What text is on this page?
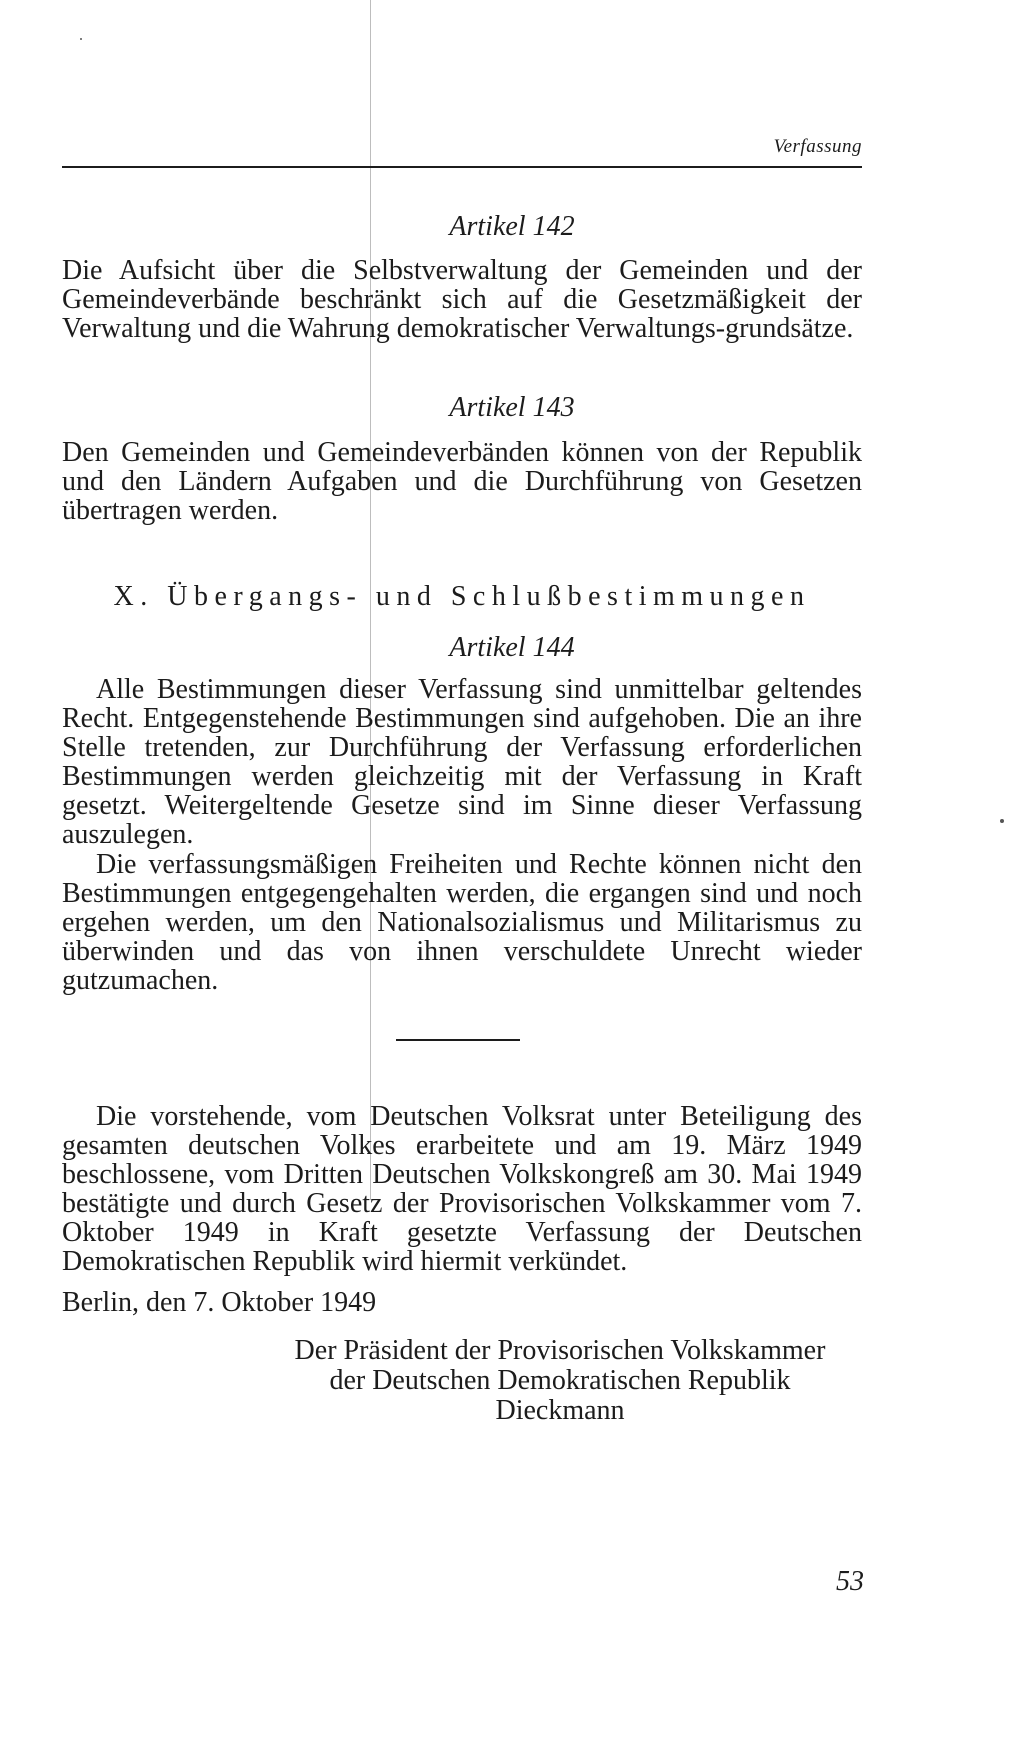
Verfassung
Artikel 142
Die Aufsicht über die Selbstverwaltung der Gemeinden und der Gemeindeverbände beschränkt sich auf die Gesetzmäßigkeit der Verwaltung und die Wahrung demokratischer Verwaltungs-grundsätze.
Artikel 143
Den Gemeinden und Gemeindeverbänden können von der Republik und den Ländern Aufgaben und die Durchführung von Gesetzen übertragen werden.
X. Übergangs- und Schlußbestimmungen
Artikel 144
Alle Bestimmungen dieser Verfassung sind unmittelbar geltendes Recht. Entgegenstehende Bestimmungen sind aufgehoben. Die an ihre Stelle tretenden, zur Durchführung der Verfassung erforderlichen Bestimmungen werden gleichzeitig mit der Verfassung in Kraft gesetzt. Weitergeltende Gesetze sind im Sinne dieser Verfassung auszulegen.
Die verfassungsmäßigen Freiheiten und Rechte können nicht den Bestimmungen entgegengehalten werden, die ergangen sind und noch ergehen werden, um den Nationalsozialismus und Militarismus zu überwinden und das von ihnen verschuldete Unrecht wieder gutzumachen.
Die vorstehende, vom Deutschen Volksrat unter Beteiligung des gesamten deutschen Volkes erarbeitete und am 19. März 1949 beschlossene, vom Dritten Deutschen Volkskongreß am 30. Mai 1949 bestätigte und durch Gesetz der Provisorischen Volkskammer vom 7. Oktober 1949 in Kraft gesetzte Verfassung der Deutschen Demokratischen Republik wird hiermit verkündet.
Berlin, den 7. Oktober 1949
Der Präsident der Provisorischen Volkskammer
der Deutschen Demokratischen Republik
Dieckmann
53
